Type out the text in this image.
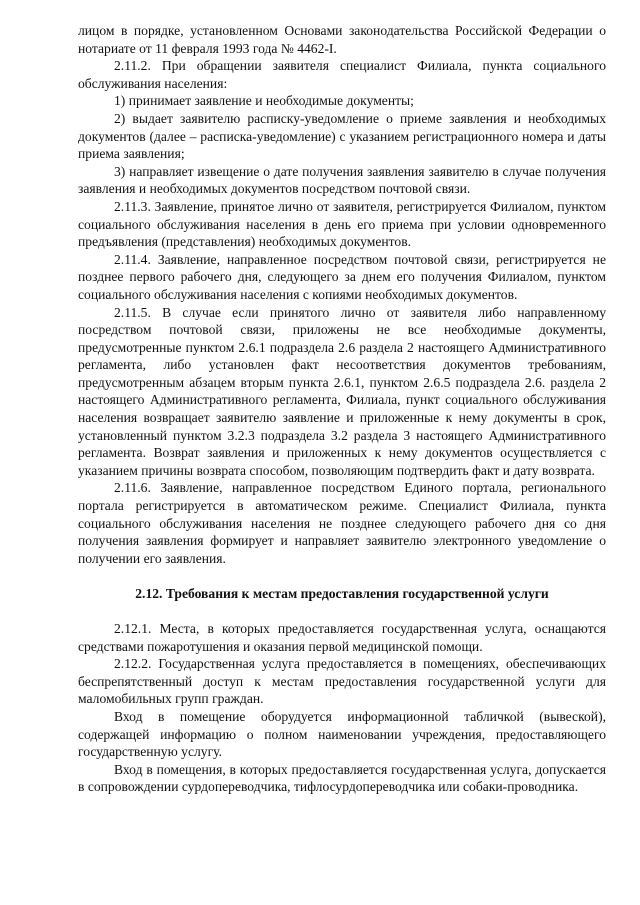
лицом в порядке, установленном Основами законодательства Российской Федерации о нотариате от 11 февраля 1993 года № 4462-I.

2.11.2. При обращении заявителя специалист Филиала, пункта социального обслуживания населения:

1) принимает заявление и необходимые документы;

2) выдает заявителю расписку-уведомление о приеме заявления и необходимых документов (далее – расписка-уведомление) с указанием регистрационного номера и даты приема заявления;

3) направляет извещение о дате получения заявления заявителю в случае получения заявления и необходимых документов посредством почтовой связи.

2.11.3. Заявление, принятое лично от заявителя, регистрируется Филиалом, пунктом социального обслуживания населения в день его приема при условии одновременного предъявления (представления) необходимых документов.

2.11.4. Заявление, направленное посредством почтовой связи, регистрируется не позднее первого рабочего дня, следующего за днем его получения Филиалом, пунктом социального обслуживания населения с копиями необходимых документов.

2.11.5. В случае если принятого лично от заявителя либо направленному посредством почтовой связи, приложены не все необходимые документы, предусмотренные пунктом 2.6.1 подраздела 2.6 раздела 2 настоящего Административного регламента, либо установлен факт несоответствия документов требованиям, предусмотренным абзацем вторым пункта 2.6.1, пунктом 2.6.5 подраздела 2.6. раздела 2 настоящего Административного регламента, Филиала, пункт социального обслуживания населения возвращает заявителю заявление и приложенные к нему документы в срок, установленный пунктом 3.2.3 подраздела 3.2 раздела 3 настоящего Административного регламента. Возврат заявления и приложенных к нему документов осуществляется с указанием причины возврата способом, позволяющим подтвердить факт и дату возврата.

2.11.6. Заявление, направленное посредством Единого портала, регионального портала регистрируется в автоматическом режиме. Специалист Филиала, пункта социального обслуживания населения не позднее следующего рабочего дня со дня получения заявления формирует и направляет заявителю электронного уведомление о получении его заявления.

2.12. Требования к местам предоставления государственной услуги

2.12.1. Места, в которых предоставляется государственная услуга, оснащаются средствами пожаротушения и оказания первой медицинской помощи.

2.12.2. Государственная услуга предоставляется в помещениях, обеспечивающих беспрепятственный доступ к местам предоставления государственной услуги для маломобильных групп граждан.

Вход в помещение оборудуется информационной табличкой (вывеской), содержащей информацию о полном наименовании учреждения, предоставляющего государственную услугу.

Вход в помещения, в которых предоставляется государственная услуга, допускается в сопровождении сурдопереводчика, тифлосурдопереводчика или собаки-проводника.
